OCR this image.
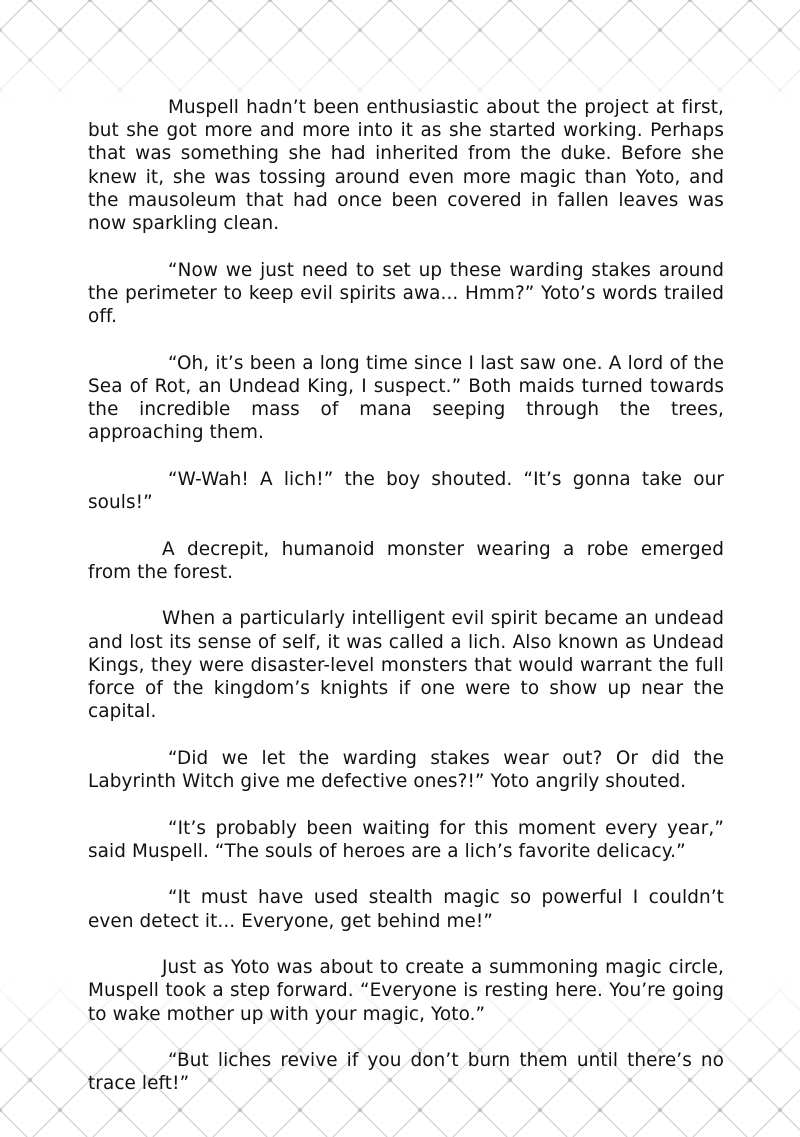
Muspell hadn’t been enthusiastic about the project at first, but she got more and more into it as she started working. Perhaps that was something she had inherited from the duke. Before she knew it, she was tossing around even more magic than Yoto, and the mausoleum that had once been covered in fallen leaves was now sparkling clean.

“Now we just need to set up these warding stakes around the perimeter to keep evil spirits awa... Hmm?” Yoto’s words trailed off.

“Oh, it’s been a long time since I last saw one. A lord of the Sea of Rot, an Undead King, I suspect.” Both maids turned towards the incredible mass of mana seeping through the trees, approaching them.

“W-Wah! A lich!” the boy shouted. “It’s gonna take our souls!”

A decrepit, humanoid monster wearing a robe emerged from the forest.

When a particularly intelligent evil spirit became an undead and lost its sense of self, it was called a lich. Also known as Undead Kings, they were disaster-level monsters that would warrant the full force of the kingdom’s knights if one were to show up near the capital.

“Did we let the warding stakes wear out? Or did the Labyrinth Witch give me defective ones?!” Yoto angrily shouted.

“It’s probably been waiting for this moment every year,” said Muspell. “The souls of heroes are a lich’s favorite delicacy.”

“It must have used stealth magic so powerful I couldn’t even detect it... Everyone, get behind me!”

Just as Yoto was about to create a summoning magic circle, Muspell took a step forward. “Everyone is resting here. You’re going to wake mother up with your magic, Yoto.”

“But liches revive if you don’t burn them until there’s no trace left!”
